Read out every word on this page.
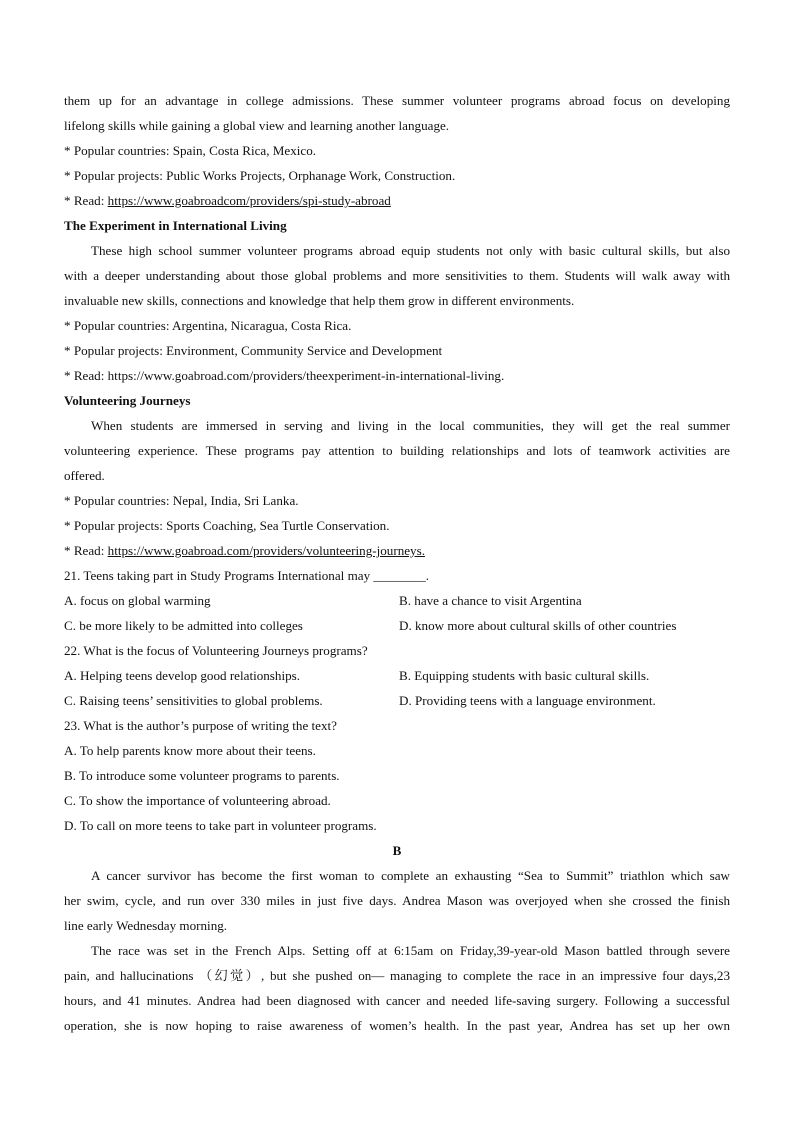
them up for an advantage in college admissions. These summer volunteer programs abroad focus on developing
lifelong skills while gaining a global view and learning another language.
* Popular countries: Spain, Costa Rica, Mexico.
* Popular projects: Public Works Projects, Orphanage Work, Construction.
* Read: https://www.goabroadcom/providers/spi-study-abroad
The Experiment in International Living
These high school summer volunteer programs abroad equip students not only with basic cultural skills, but also
with a deeper understanding about those global problems and more sensitivities to them. Students will walk away with
invaluable new skills, connections and knowledge that help them grow in different environments.
* Popular countries: Argentina, Nicaragua, Costa Rica.
* Popular projects: Environment, Community Service and Development
* Read: https://www.goabroad.com/providers/theexperiment-in-international-living.
Volunteering Journeys
When students are immersed in serving and living in the local communities, they will get the real summer
volunteering experience. These programs pay attention to building relationships and lots of teamwork activities are
offered.
* Popular countries: Nepal, India, Sri Lanka.
* Popular projects: Sports Coaching, Sea Turtle Conservation.
* Read: https://www.goabroad.com/providers/volunteering-journeys.
21. Teens taking part in Study Programs International may ________.
A. focus on global warming	B. have a chance to visit Argentina
C. be more likely to be admitted into colleges	D. know more about cultural skills of other countries
22. What is the focus of Volunteering Journeys programs?
A. Helping teens develop good relationships.	B. Equipping students with basic cultural skills.
C. Raising teens’ sensitivities to global problems.	D. Providing teens with a language environment.
23. What is the author’s purpose of writing the text?
A. To help parents know more about their teens.
B. To introduce some volunteer programs to parents.
C. To show the importance of volunteering abroad.
D. To call on more teens to take part in volunteer programs.
B
A cancer survivor has become the first woman to complete an exhausting “Sea to Summit” triathlon which saw
her swim, cycle, and run over 330 miles in just five days. Andrea Mason was overjoyed when she crossed the finish
line early Wednesday morning.
The race was set in the French Alps. Setting off at 6:15am on Friday,39-year-old Mason battled through severe
pain, and hallucinations （幻觉）, but she pushed on— managing to complete the race in an impressive four days,23
hours, and 41 minutes. Andrea had been diagnosed with cancer and needed life-saving surgery. Following a successful
operation, she is now hoping to raise awareness of women’s health. In the past year, Andrea has set up her own
